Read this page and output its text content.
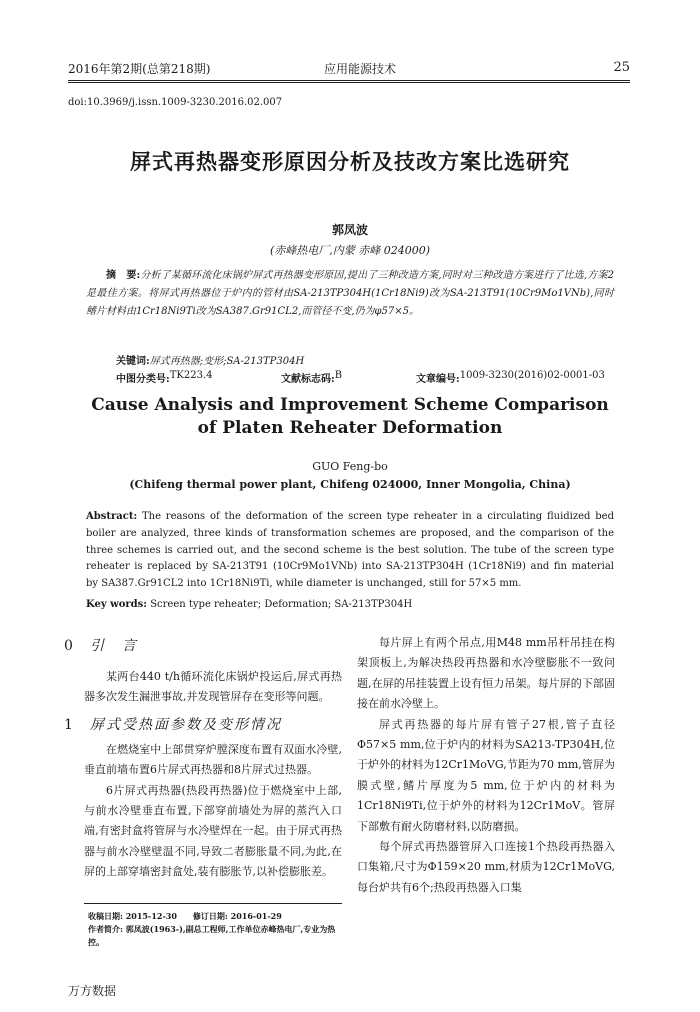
2016年第2期(总第218期)	应用能源技术	25
doi:10.3969/j.issn.1009-3230.2016.02.007
屏式再热器变形原因分析及技改方案比选研究
郭凤波
(赤峰热电厂,内蒙 赤峰 024000)
摘　要:分析了某循环流化床锅炉屏式再热器变形原因,提出了三种改造方案,同时对三种改造方案进行了比选,方案2是最佳方案。将屏式再热器位于炉内的管材由SA-213TP304H(1Cr18Ni9)改为SA-213T91(10Cr9Mo1VNb),同时鳍片材料由1Cr18Ni9Ti改为SA387.Gr91CL2,而管径不变,仍为φ57×5。
关键词:屏式再热器;变形;SA-213TP304H
中图分类号: TK223.4	文献标志码: B	文章编号: 1009-3230(2016)02-0001-03
Cause Analysis and Improvement Scheme Comparison
of Platen Reheater Deformation
GUO Feng-bo
(Chifeng thermal power plant, Chifeng 024000, Inner Mongolia, China)
Abstract: The reasons of the deformation of the screen type reheater in a circulating fluidized bed boiler are analyzed, three kinds of transformation schemes are proposed, and the comparison of the three schemes is carried out, and the second scheme is the best solution. The tube of the screen type reheater is replaced by SA-213T91 (10Cr9Mo1VNb) into SA-213TP304H (1Cr18Ni9) and fin material by SA387.Gr91CL2 into 1Cr18Ni9Ti, while diameter is unchanged, still for 57×5 mm.
Key words: Screen type reheater; Deformation; SA-213TP304H
0 引　言

某两台440 t/h循环流化床锅炉投运后,屏式再热器多次发生漏泄事故,并发现管屏存在变形等问题。

1 屏式受热面参数及变形情况

在燃烧室中上部贯穿炉膛深度布置有双面水冷壁,垂直前墙布置6片屏式再热器和8片屏式过热器。

6片屏式再热器(热段再热器)位于燃烧室中上部,与前水冷壁垂直布置,下部穿前墙处为屏的蒸汽入口端,有密封盒将管屏与水冷壁焊在一起。由于屏式再热器与前水冷壁壁温不同,导致二者膨胀量不同,为此,在屏的上部穿墙密封盒处,装有膨胀节,以补偿膨胀差。

每片屏上有两个吊点,用M48 mm吊杆吊挂在构架顶板上,为解决热段再热器和水冷壁膨胀不一致问题,在屏的吊挂装置上设有恒力吊架。每片屏的下部固接在前水冷壁上。

屏式再热器的每片屏有管子27根,管子直径Φ57×5 mm,位于炉内的材料为SA213-TP304H,位于炉外的材料为12Cr1MoVG,节距为70 mm,管屏为膜式壁,鳍片厚度为5 mm,位于炉内的材料为1Cr18Ni9Ti,位于炉外的材料为12Cr1MoV。管屏下部敷有耐火防磨材料,以防磨损。

每个屏式再热器管屏入口连接1个热段再热器入口集箱,尺寸为Φ159×20 mm,材质为12Cr1MoVG,每台炉共有6个;热段再热器入口集

收稿日期: 2015-12-30　　修订日期: 2016-01-29
作者简介: 郭凤波(1963-),副总工程师,工作单位赤峰热电厂,专业为热控。
万方数据
